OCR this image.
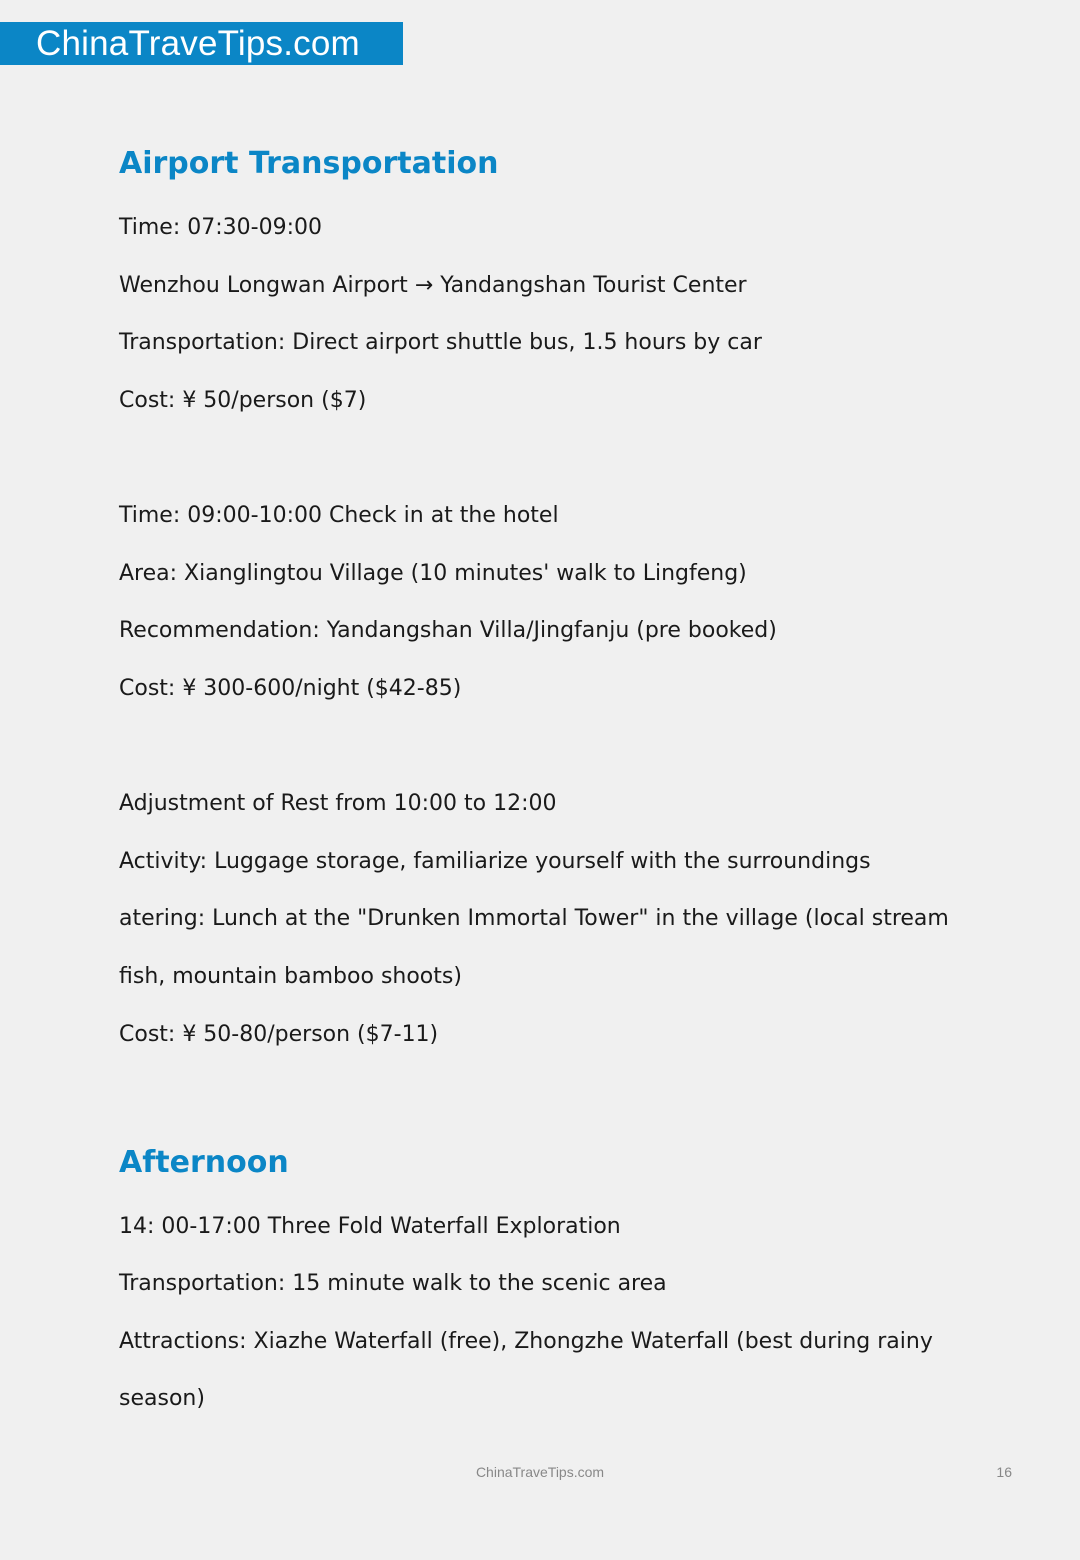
ChinaTraveTips.com
Airport Transportation

Time: 07:30-09:00

Wenzhou Longwan Airport → Yandangshan Tourist Center

Transportation: Direct airport shuttle bus, 1.5 hours by car

Cost: ¥ 50/person ($7)

Time: 09:00-10:00 Check in at the hotel

Area: Xianglingtou Village (10 minutes' walk to Lingfeng)

Recommendation: Yandangshan Villa/Jingfanju (pre booked)

Cost: ¥ 300-600/night ($42-85)

Adjustment of Rest from 10:00 to 12:00

Activity: Luggage storage, familiarize yourself with the surroundings

atering: Lunch at the "Drunken Immortal Tower" in the village (local stream

fish, mountain bamboo shoots)

Cost: ¥ 50-80/person ($7-11)

Afternoon

14: 00-17:00 Three Fold Waterfall Exploration

Transportation: 15 minute walk to the scenic area

Attractions: Xiazhe Waterfall (free), Zhongzhe Waterfall (best during rainy

season)

ChinaTraveTips.com	16
